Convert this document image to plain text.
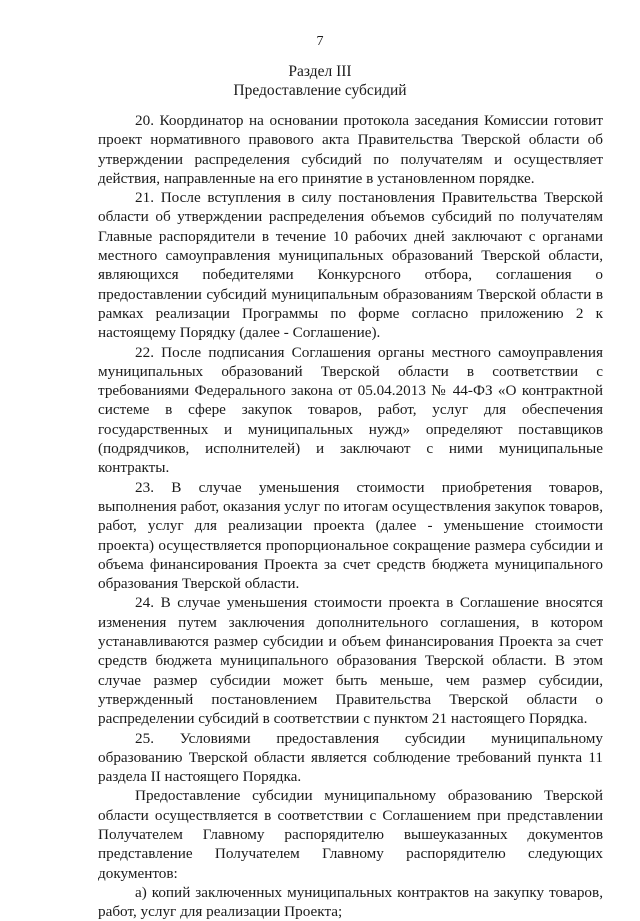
7
Раздел III
Предоставление субсидий

20. Координатор на основании протокола заседания Комиссии готовит проект нормативного правового акта Правительства Тверской области об утверждении распределения субсидий по получателям и осуществляет действия, направленные на его принятие в установленном порядке.

21. После вступления в силу постановления Правительства Тверской области об утверждении распределения объемов субсидий по получателям Главные распорядители в течение 10 рабочих дней заключают с органами местного самоуправления муниципальных образований Тверской области, являющихся победителями Конкурсного отбора, соглашения о предоставлении субсидий муниципальным образованиям Тверской области в рамках реализации Программы по форме согласно приложению 2 к настоящему Порядку (далее - Соглашение).

22. После подписания Соглашения органы местного самоуправления муниципальных образований Тверской области в соответствии с требованиями Федерального закона от 05.04.2013 № 44-ФЗ «О контрактной системе в сфере закупок товаров, работ, услуг для обеспечения государственных и муниципальных нужд» определяют поставщиков (подрядчиков, исполнителей) и заключают с ними муниципальные контракты.

23. В случае уменьшения стоимости приобретения товаров, выполнения работ, оказания услуг по итогам осуществления закупок товаров, работ, услуг для реализации проекта (далее - уменьшение стоимости проекта) осуществляется пропорциональное сокращение размера субсидии и объема финансирования Проекта за счет средств бюджета муниципального образования Тверской области.

24. В случае уменьшения стоимости проекта в Соглашение вносятся изменения путем заключения дополнительного соглашения, в котором устанавливаются размер субсидии и объем финансирования Проекта за счет средств бюджета муниципального образования Тверской области. В этом случае размер субсидии может быть меньше, чем размер субсидии, утвержденный постановлением Правительства Тверской области о распределении субсидий в соответствии с пунктом 21 настоящего Порядка.

25. Условиями предоставления субсидии муниципальному образованию Тверской области является соблюдение требований пункта 11 раздела II настоящего Порядка.

Предоставление субсидии муниципальному образованию Тверской области осуществляется в соответствии с Соглашением при представлении Получателем Главному распорядителю вышеуказанных документов представление Получателем Главному распорядителю следующих документов:

а) копий заключенных муниципальных контрактов на закупку товаров, работ, услуг для реализации Проекта;
